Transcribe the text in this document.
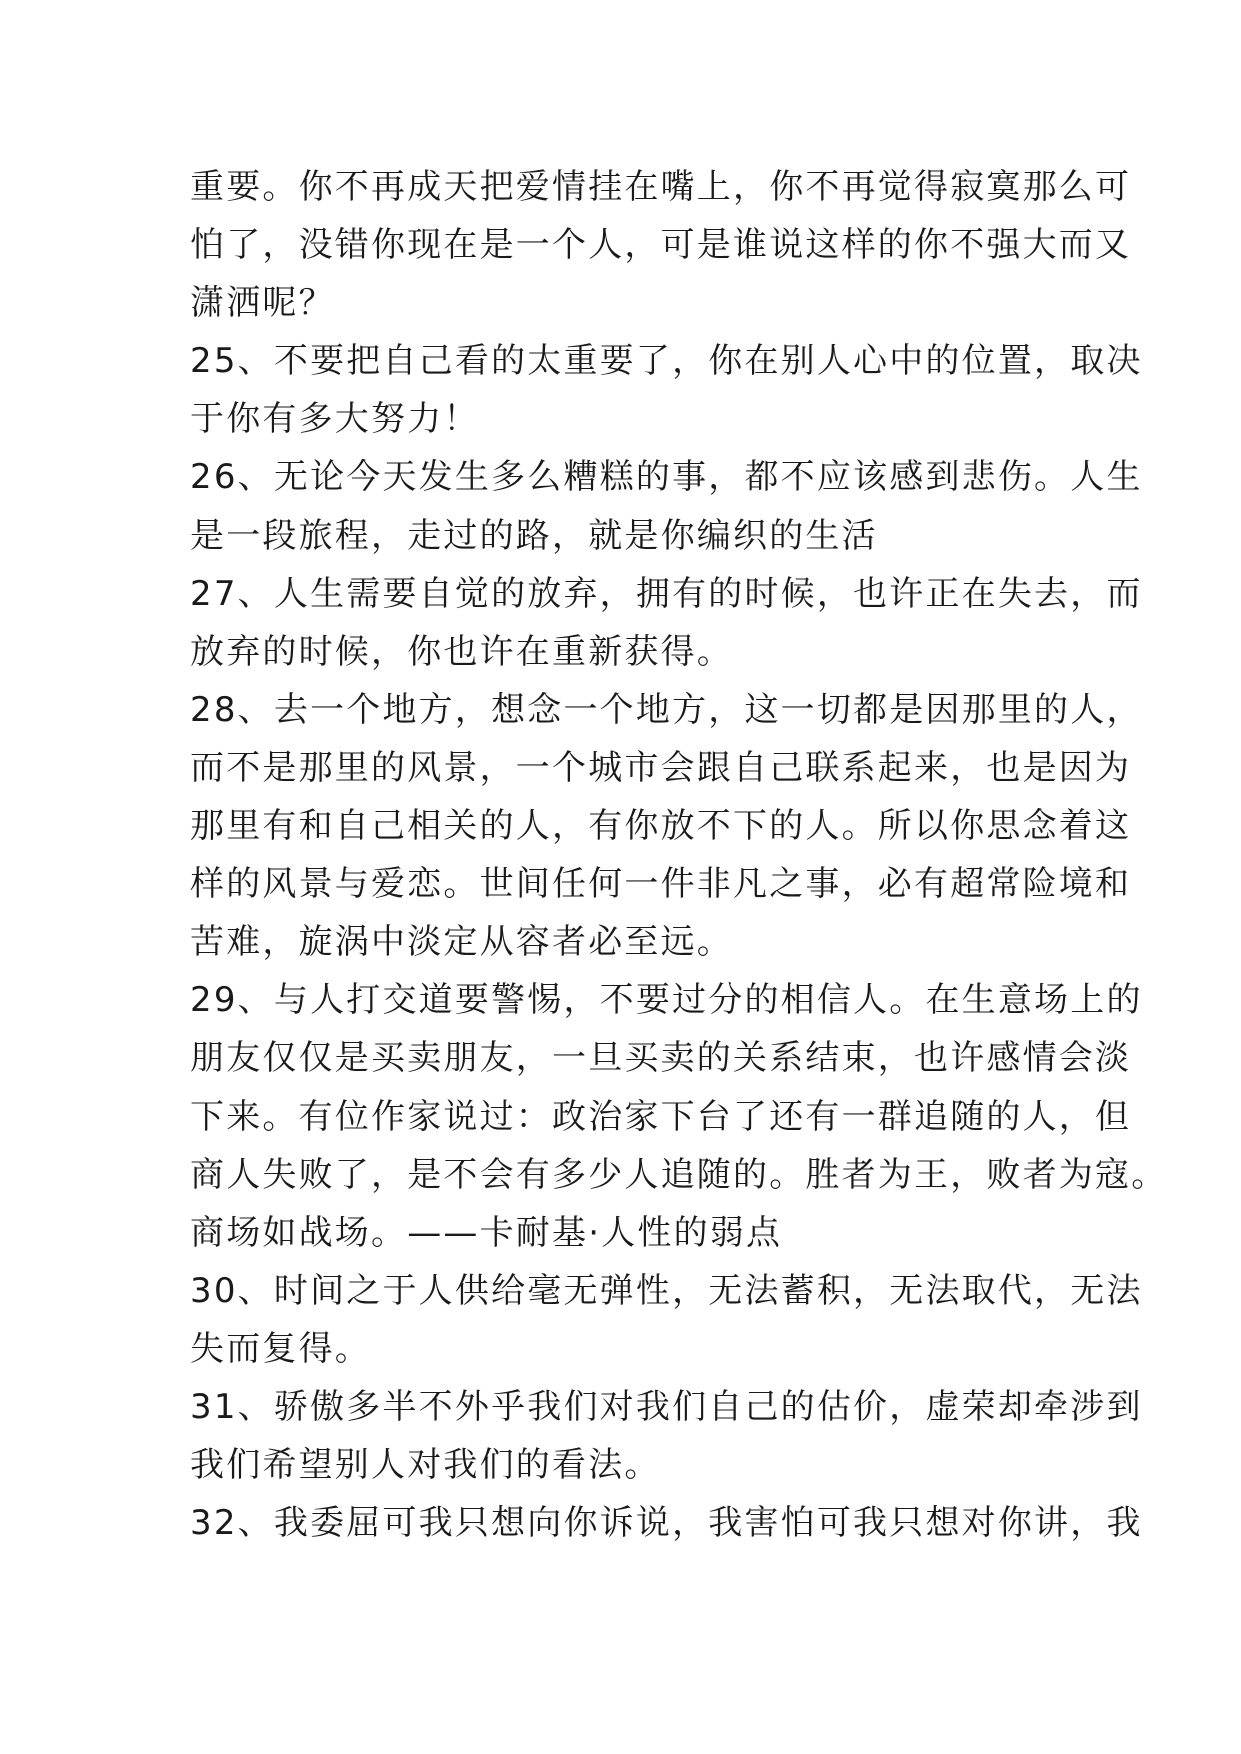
重要。你不再成天把爱情挂在嘴上，你不再觉得寂寞那么可
怕了，没错你现在是一个人，可是谁说这样的你不强大而又
潇洒呢？
25、不要把自己看的太重要了，你在别人心中的位置，取决
于你有多大努力！
26、无论今天发生多么糟糕的事，都不应该感到悲伤。人生
是一段旅程，走过的路，就是你编织的生活
27、人生需要自觉的放弃，拥有的时候，也许正在失去，而
放弃的时候，你也许在重新获得。
28、去一个地方，想念一个地方，这一切都是因那里的人，
而不是那里的风景，一个城市会跟自己联系起来，也是因为
那里有和自己相关的人，有你放不下的人。所以你思念着这
样的风景与爱恋。世间任何一件非凡之事，必有超常险境和
苦难，旋涡中淡定从容者必至远。
29、与人打交道要警惕，不要过分的相信人。在生意场上的
朋友仅仅是买卖朋友，一旦买卖的关系结束，也许感情会淡
下来。有位作家说过：政治家下台了还有一群追随的人，但
商人失败了，是不会有多少人追随的。胜者为王，败者为寇。
商场如战场。——卡耐基·人性的弱点
30、时间之于人供给毫无弹性，无法蓄积，无法取代，无法
失而复得。
31、骄傲多半不外乎我们对我们自己的估价，虚荣却牵涉到
我们希望别人对我们的看法。
32、我委屈可我只想向你诉说，我害怕可我只想对你讲，我
